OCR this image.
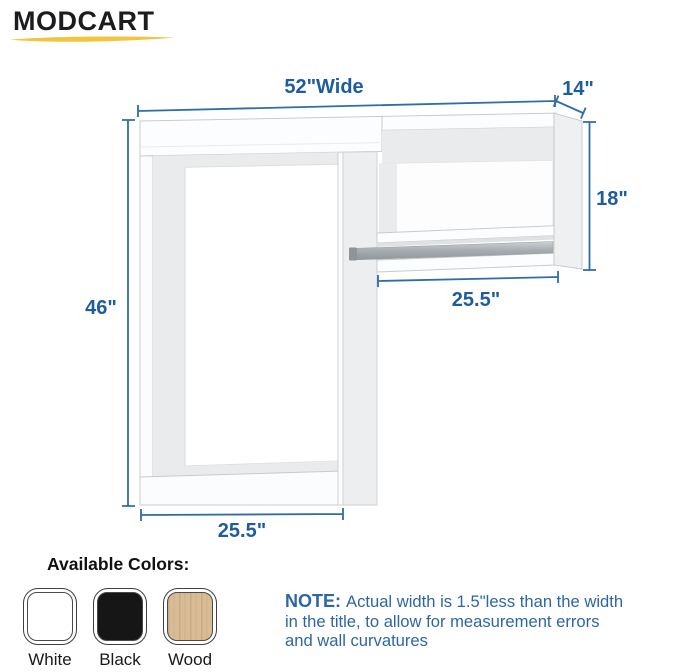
MODCART
52"Wide	14"
18"
46"	25.5"
25.5"
Available Colors:
White Black Wood
NOTE: Actual width is 1.5"less than the width
in the title, to allow for measurement errors
and wall curvatures
